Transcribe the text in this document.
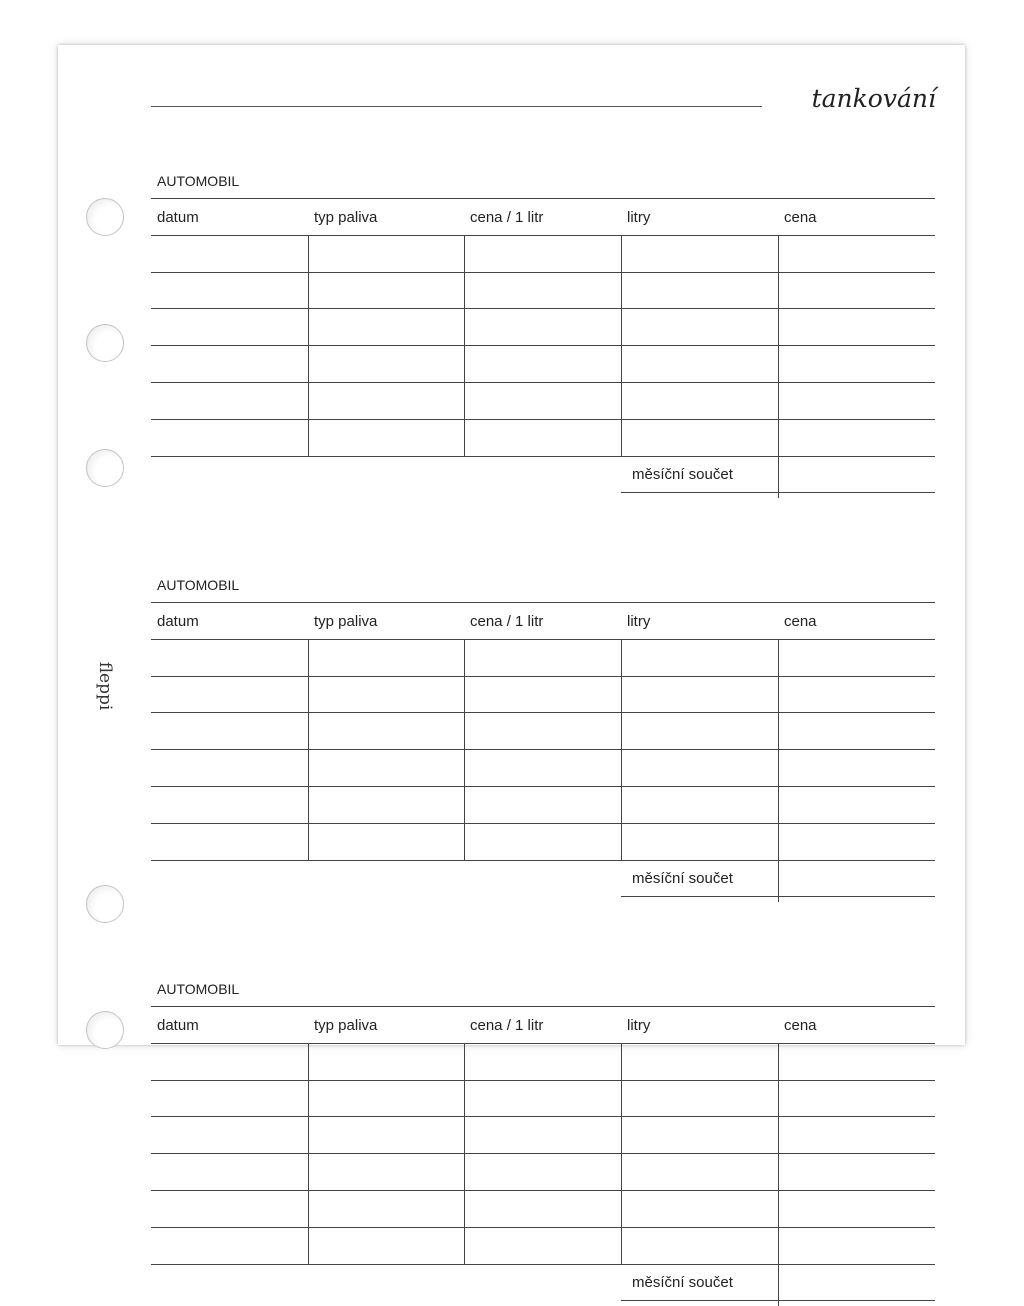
tankování
fleppi
AUTOMOBIL
datum	typ paliva	cena / 1 litr	litry	cena
měsíční součet
AUTOMOBIL
datum	typ paliva	cena / 1 litr	litry	cena
měsíční součet
AUTOMOBIL
datum	typ paliva	cena / 1 litr	litry	cena
měsíční součet
